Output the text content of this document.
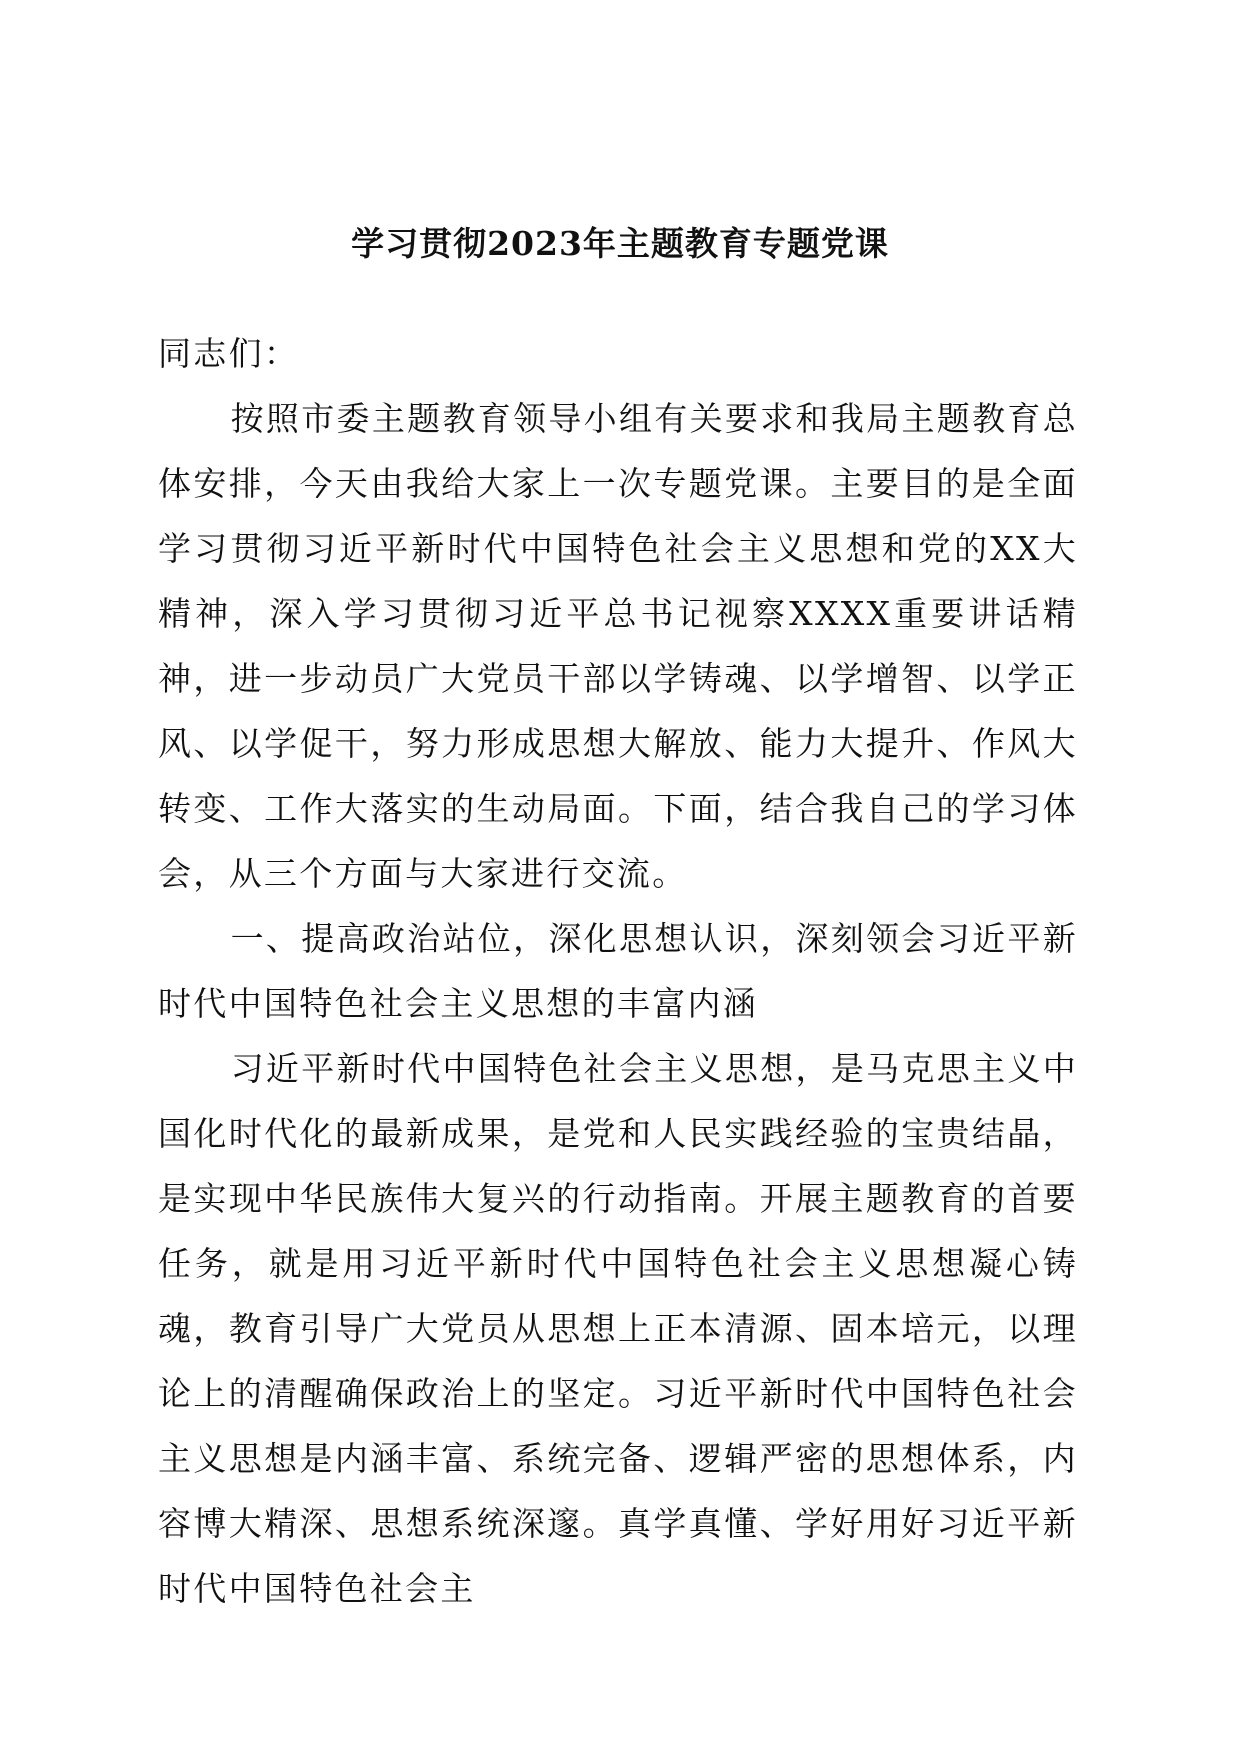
学习贯彻2023年主题教育专题党课

同志们：

按照市委主题教育领导小组有关要求和我局主题教育总体安排，今天由我给大家上一次专题党课。主要目的是全面学习贯彻习近平新时代中国特色社会主义思想和党的XX大精神，深入学习贯彻习近平总书记视察XXXX重要讲话精神，进一步动员广大党员干部以学铸魂、以学增智、以学正风、以学促干，努力形成思想大解放、能力大提升、作风大转变、工作大落实的生动局面。下面，结合我自己的学习体会，从三个方面与大家进行交流。

一、提高政治站位，深化思想认识，深刻领会习近平新时代中国特色社会主义思想的丰富内涵

习近平新时代中国特色社会主义思想，是马克思主义中国化时代化的最新成果，是党和人民实践经验的宝贵结晶，是实现中华民族伟大复兴的行动指南。开展主题教育的首要任务，就是用习近平新时代中国特色社会主义思想凝心铸魂，教育引导广大党员从思想上正本清源、固本培元，以理论上的清醒确保政治上的坚定。习近平新时代中国特色社会主义思想是内涵丰富、系统完备、逻辑严密的思想体系，内容博大精深、思想系统深邃。真学真懂、学好用好习近平新时代中国特色社会主
